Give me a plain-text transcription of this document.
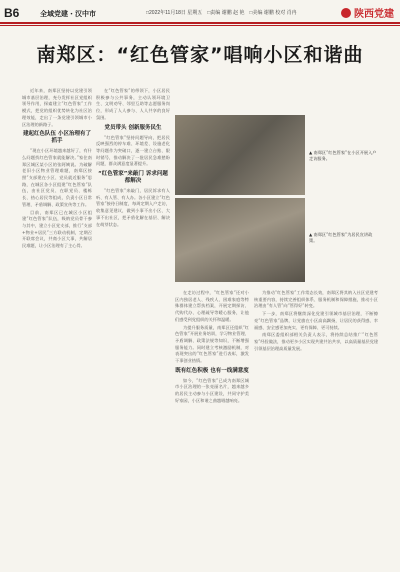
B6	全域党建・汉中市	□2022年11月18日 星期五　□责编 谢鹏 赵 艳　□美编 谢鹏 校对 肖冉	陕西党建
南郑区：“红色管家”唱响小区和谐曲

近年来，南郑区坚持以党建引领城市基层治理，充分发挥社区党组织领导作用，探索建立“红色管家”工作模式，把党的组织优势转化为社区治理效能，走出了一条党建引领城市小区治理的新路子。

建起红色队伍 小区治理有了抓手

“现在小区环境越来越好了，有什么问题找红色管家就能解决。”家住南郑区城区某小区的张阿姨说。为破解老旧小区物业管理难题，南郑区按照“支部建在小区、党员就近服务”思路，在城区各小区组建“红色管家”队伍，由社区党员、在职党员、楼栋长、热心居民等组成，负责小区日常管理、矛盾调解、政策宣传等工作。

目前，南郑区已在城区小区组建“红色管家”队伍，吸纳党员骨干参与其中，建立小区党支部，推行“支部+物业+居民”三方联动机制，定期召开联席会议，共商小区大事，共解居民难题，让小区治理有了主心骨。

在“红色管家”的带领下，小区居民积极参与公共事务，主动认领环境卫生、文明劝导、邻里互助等志愿服务岗位，形成了人人参与、人人共享的良好氛围。

党员带头 创新服务民生

“红色管家”坚持问题导向，把居民反映强烈的停车难、环境差、设施老化等问题作为突破口，逐一建立台账、限时销号，推动解决了一批居民急难愁盼问题，群众满意度显著提升。

“红色管家”来敲门 诉求问题都解决

“红色管家”来敲门，居民诉求有人听、有人管、有人办。各小区建立“红色管家”接待日制度，每周定期入户走访，收集意见建议，做到小事不出小区、大事不出社区，把矛盾化解在基层、解决在萌芽状态。

▲ 南郑区“红色管家”在小区开展入户走访服务。
▲ 南郑区“红色管家”为居民宣讲政策。

在走访过程中，“红色管家”还对小区内独居老人、残疾人、困难家庭等特殊群体建立帮扶档案，开展定期探访、代购代办、心理疏导等暖心服务，让他们感受到党组织的关怀和温暖。

为提升服务质量，南郑区还组织“红色管家”开展业务培训，学习物业管理、矛盾调解、政策法规等知识，不断增强服务能力。同时建立考核激励机制，对表现突出的“红色管家”进行表彰，激发干事创业热情。

既有红色积极 也有一线满意度

如今，“红色管家”已成为南郑区城市小区治理的一张亮丽名片，越来越多的居民主动参与小区建设，共同守护美好家园，小区和谐之曲越唱越响亮。

为推动“红色管家”工作常态长效，南郑区将其纳入社区党建考核重要内容，持续完善组织体系、服务机制和保障措施，推动小区治理由“有人管”向“管得好”转变。

下一步，南郑区将继续深化党建引领城市基层治理，不断擦亮“红色管家”品牌，让党旗在小区高高飘扬，让居民的获得感、幸福感、安全感更加充实、更有保障、更可持续。

南郑区委组织部相关负责人表示，将持续总结推广“红色管家”经验做法，推动更多小区实现共建共治共享，以高质量基层党建引领基层治理高质量发展。
